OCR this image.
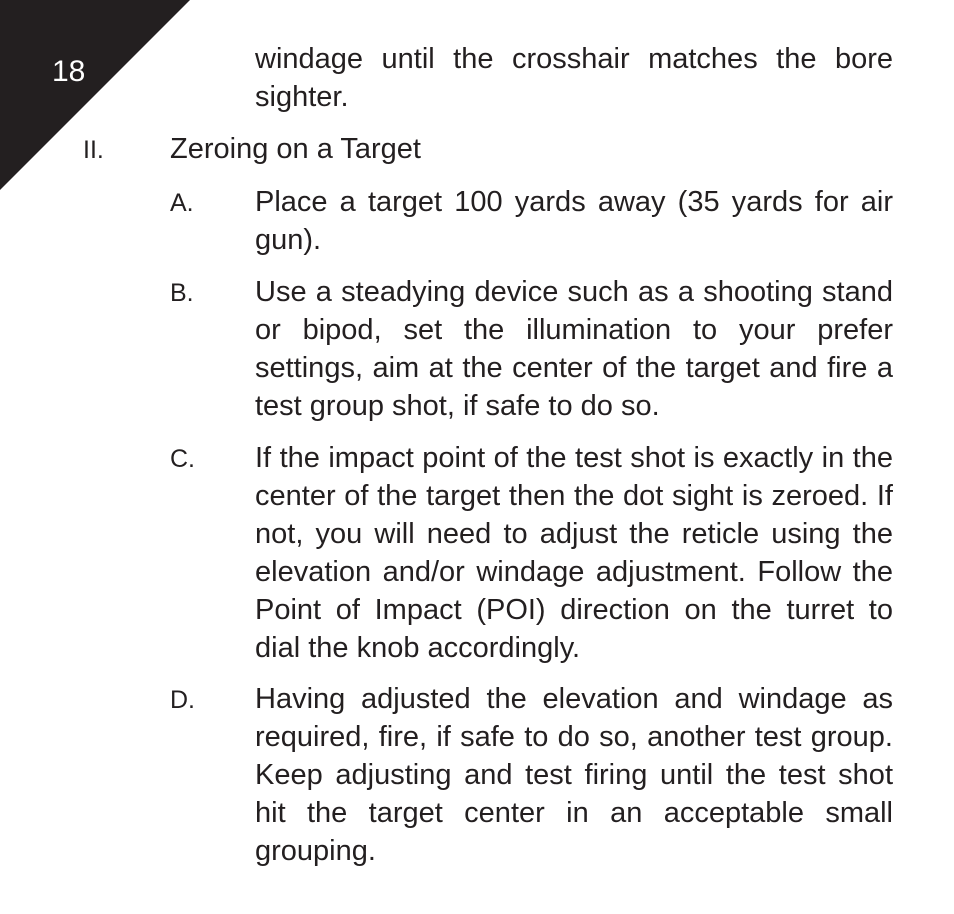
18	windage until the crosshair matches the bore sighter.
II. Zeroing on a Target
A. Place a target 100 yards away (35 yards for air gun).
B. Use a steadying device such as a shooting stand or bipod, set the illumination to your prefer settings, aim at the center of the target and fire a test group shot, if safe to do so.
C. If the impact point of the test shot is exactly in the center of the target then the dot sight is zeroed. If not, you will need to adjust the reticle using the elevation and/or windage adjustment. Follow the Point of Impact (POI) direction on the turret to dial the knob accordingly.
D. Having adjusted the elevation and windage as required, fire, if safe to do so, another test group. Keep adjusting and test firing until the test shot hit the target center in an acceptable small grouping.
